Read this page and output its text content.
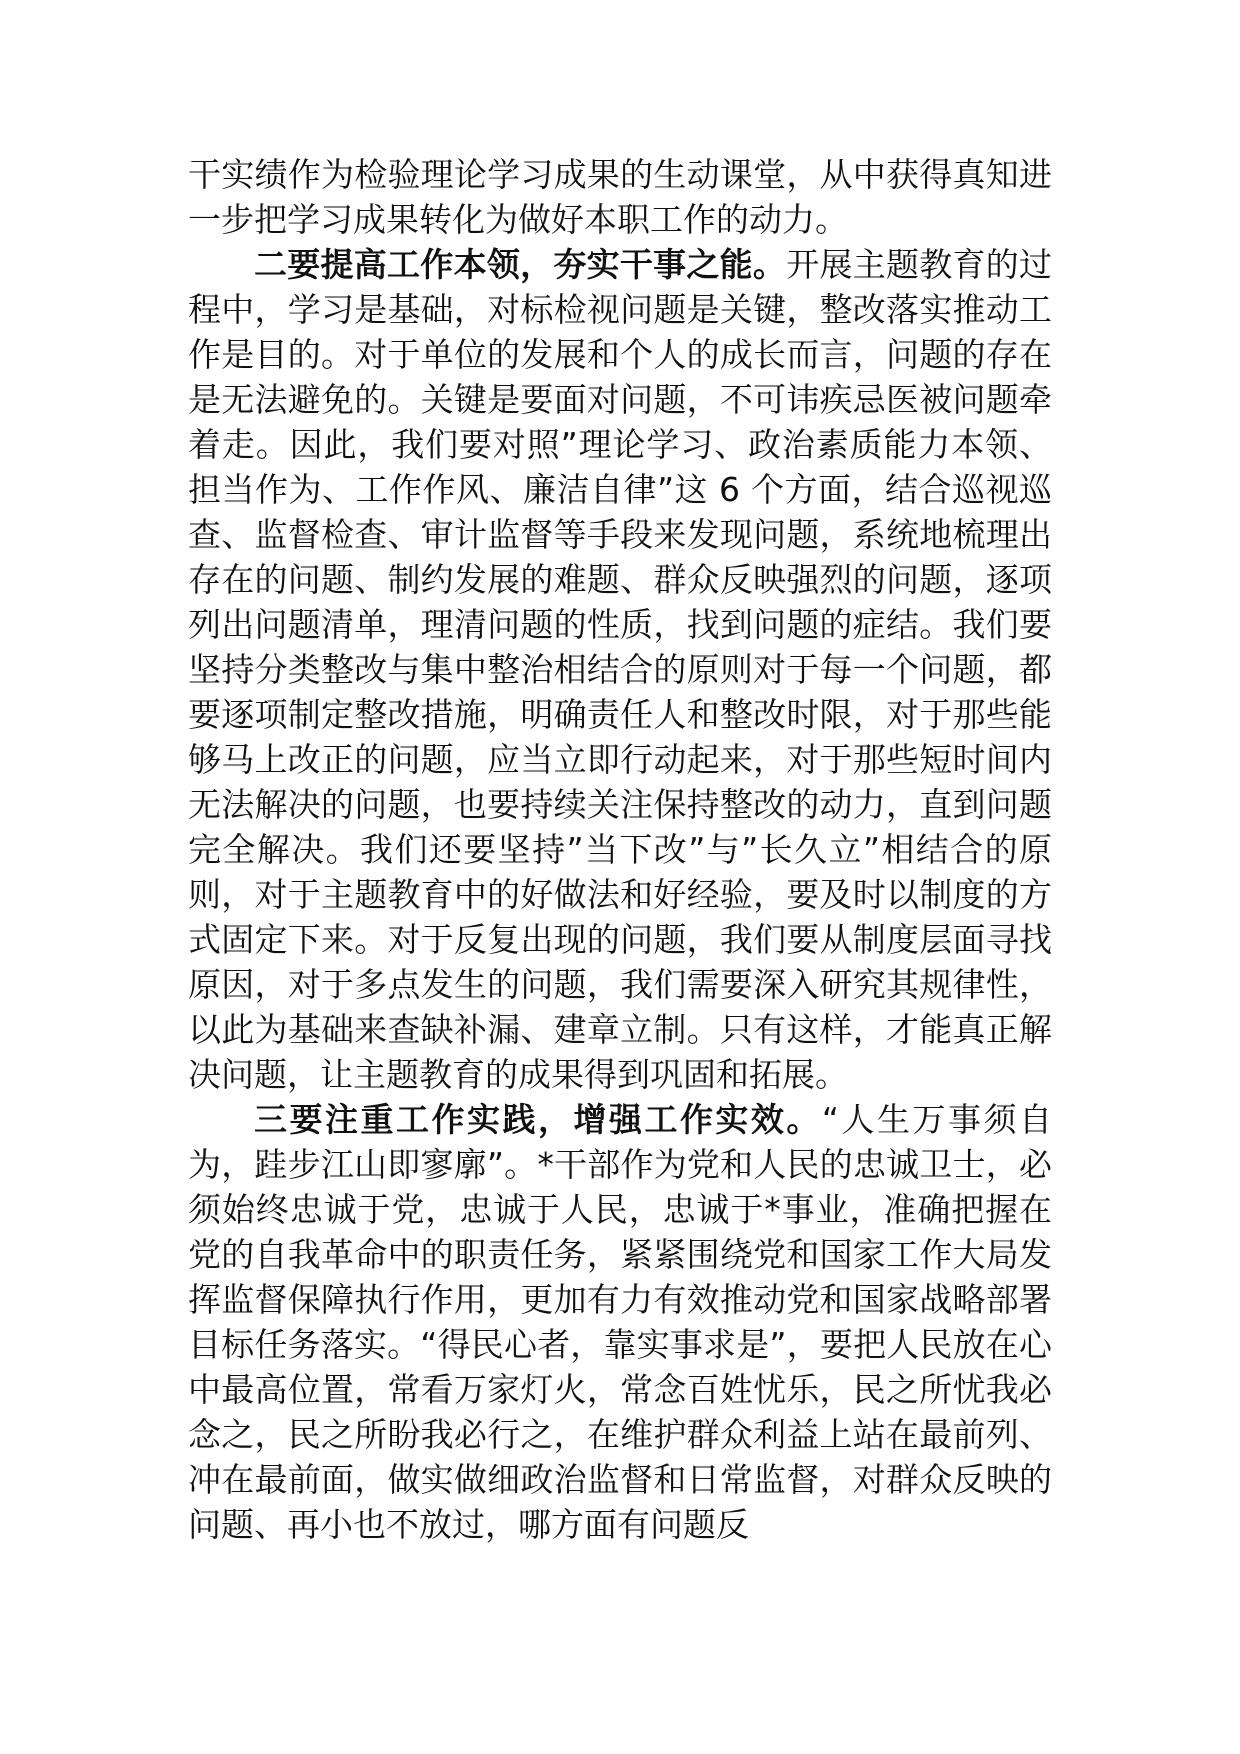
干实绩作为检验理论学习成果的生动课堂，从中获得真知进一步把学习成果转化为做好本职工作的动力。

二要提高工作本领，夯实干事之能。开展主题教育的过程中，学习是基础，对标检视问题是关键，整改落实推动工作是目的。对于单位的发展和个人的成长而言，问题的存在是无法避免的。关键是要面对问题，不可讳疾忌医被问题牵着走。因此，我们要对照”理论学习、政治素质能力本领、担当作为、工作作风、廉洁自律”这 6 个方面，结合巡视巡查、监督检查、审计监督等手段来发现问题，系统地梳理出存在的问题、制约发展的难题、群众反映强烈的问题，逐项列出问题清单，理清问题的性质，找到问题的症结。我们要坚持分类整改与集中整治相结合的原则对于每一个问题，都要逐项制定整改措施，明确责任人和整改时限，对于那些能够马上改正的问题，应当立即行动起来，对于那些短时间内无法解决的问题，也要持续关注保持整改的动力，直到问题完全解决。我们还要坚持”当下改”与”长久立”相结合的原则，对于主题教育中的好做法和好经验，要及时以制度的方式固定下来。对于反复出现的问题，我们要从制度层面寻找原因，对于多点发生的问题，我们需要深入研究其规律性，以此为基础来查缺补漏、建章立制。只有这样，才能真正解决问题，让主题教育的成果得到巩固和拓展。

三要注重工作实践，增强工作实效。“人生万事须自为，跬步江山即寥廓”。*干部作为党和人民的忠诚卫士，必须始终忠诚于党，忠诚于人民，忠诚于*事业，准确把握在党的自我革命中的职责任务，紧紧围绕党和国家工作大局发挥监督保障执行作用，更加有力有效推动党和国家战略部署目标任务落实。“得民心者，靠实事求是”，要把人民放在心中最高位置，常看万家灯火，常念百姓忧乐，民之所忧我必念之，民之所盼我必行之，在维护群众利益上站在最前列、冲在最前面，做实做细政治监督和日常监督，对群众反映的问题、再小也不放过，哪方面有问题反
